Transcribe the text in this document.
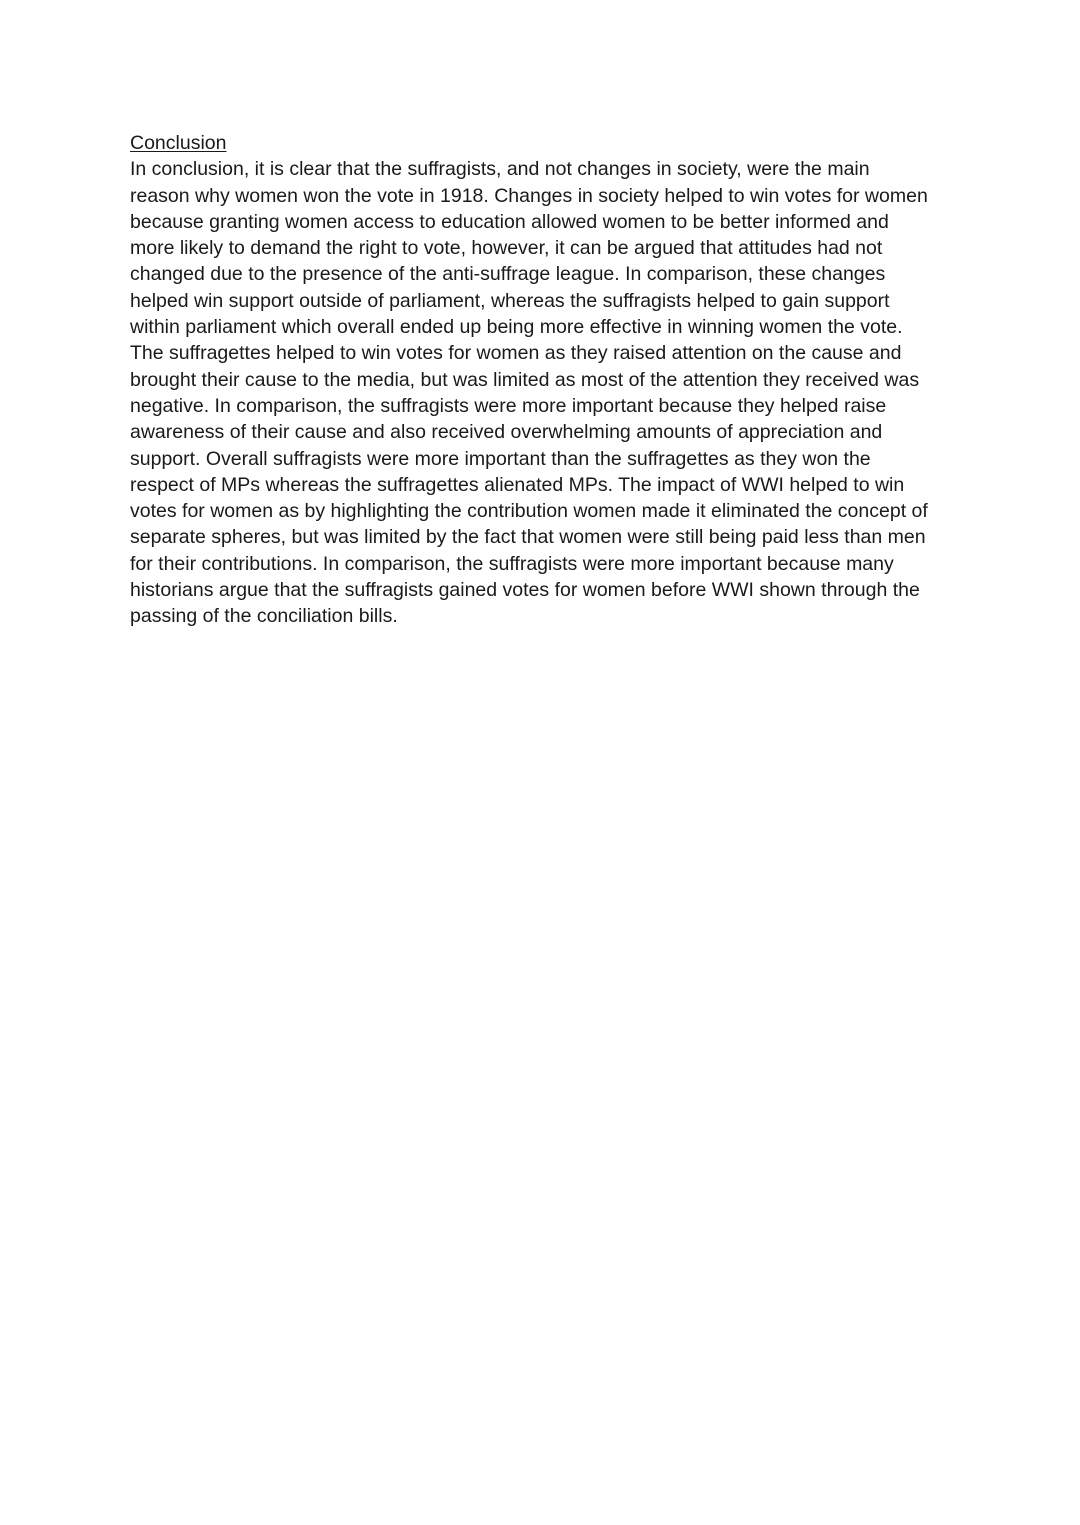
Conclusion

In conclusion, it is clear that the suffragists, and not changes in society, were the main
reason why women won the vote in 1918. Changes in society helped to win votes for women
because granting women access to education allowed women to be better informed and
more likely to demand the right to vote, however, it can be argued that attitudes had not
changed due to the presence of the anti-suffrage league. In comparison, these changes
helped win support outside of parliament, whereas the suffragists helped to gain support
within parliament which overall ended up being more effective in winning women the vote.
The suffragettes helped to win votes for women as they raised attention on the cause and
brought their cause to the media, but was limited as most of the attention they received was
negative. In comparison, the suffragists were more important because they helped raise
awareness of their cause and also received overwhelming amounts of appreciation and
support. Overall suffragists were more important than the suffragettes as they won the
respect of MPs whereas the suffragettes alienated MPs. The impact of WWI helped to win
votes for women as by highlighting the contribution women made it eliminated the concept of
separate spheres, but was limited by the fact that women were still being paid less than men
for their contributions. In comparison, the suffragists were more important because many
historians argue that the suffragists gained votes for women before WWI shown through the
passing of the conciliation bills.
